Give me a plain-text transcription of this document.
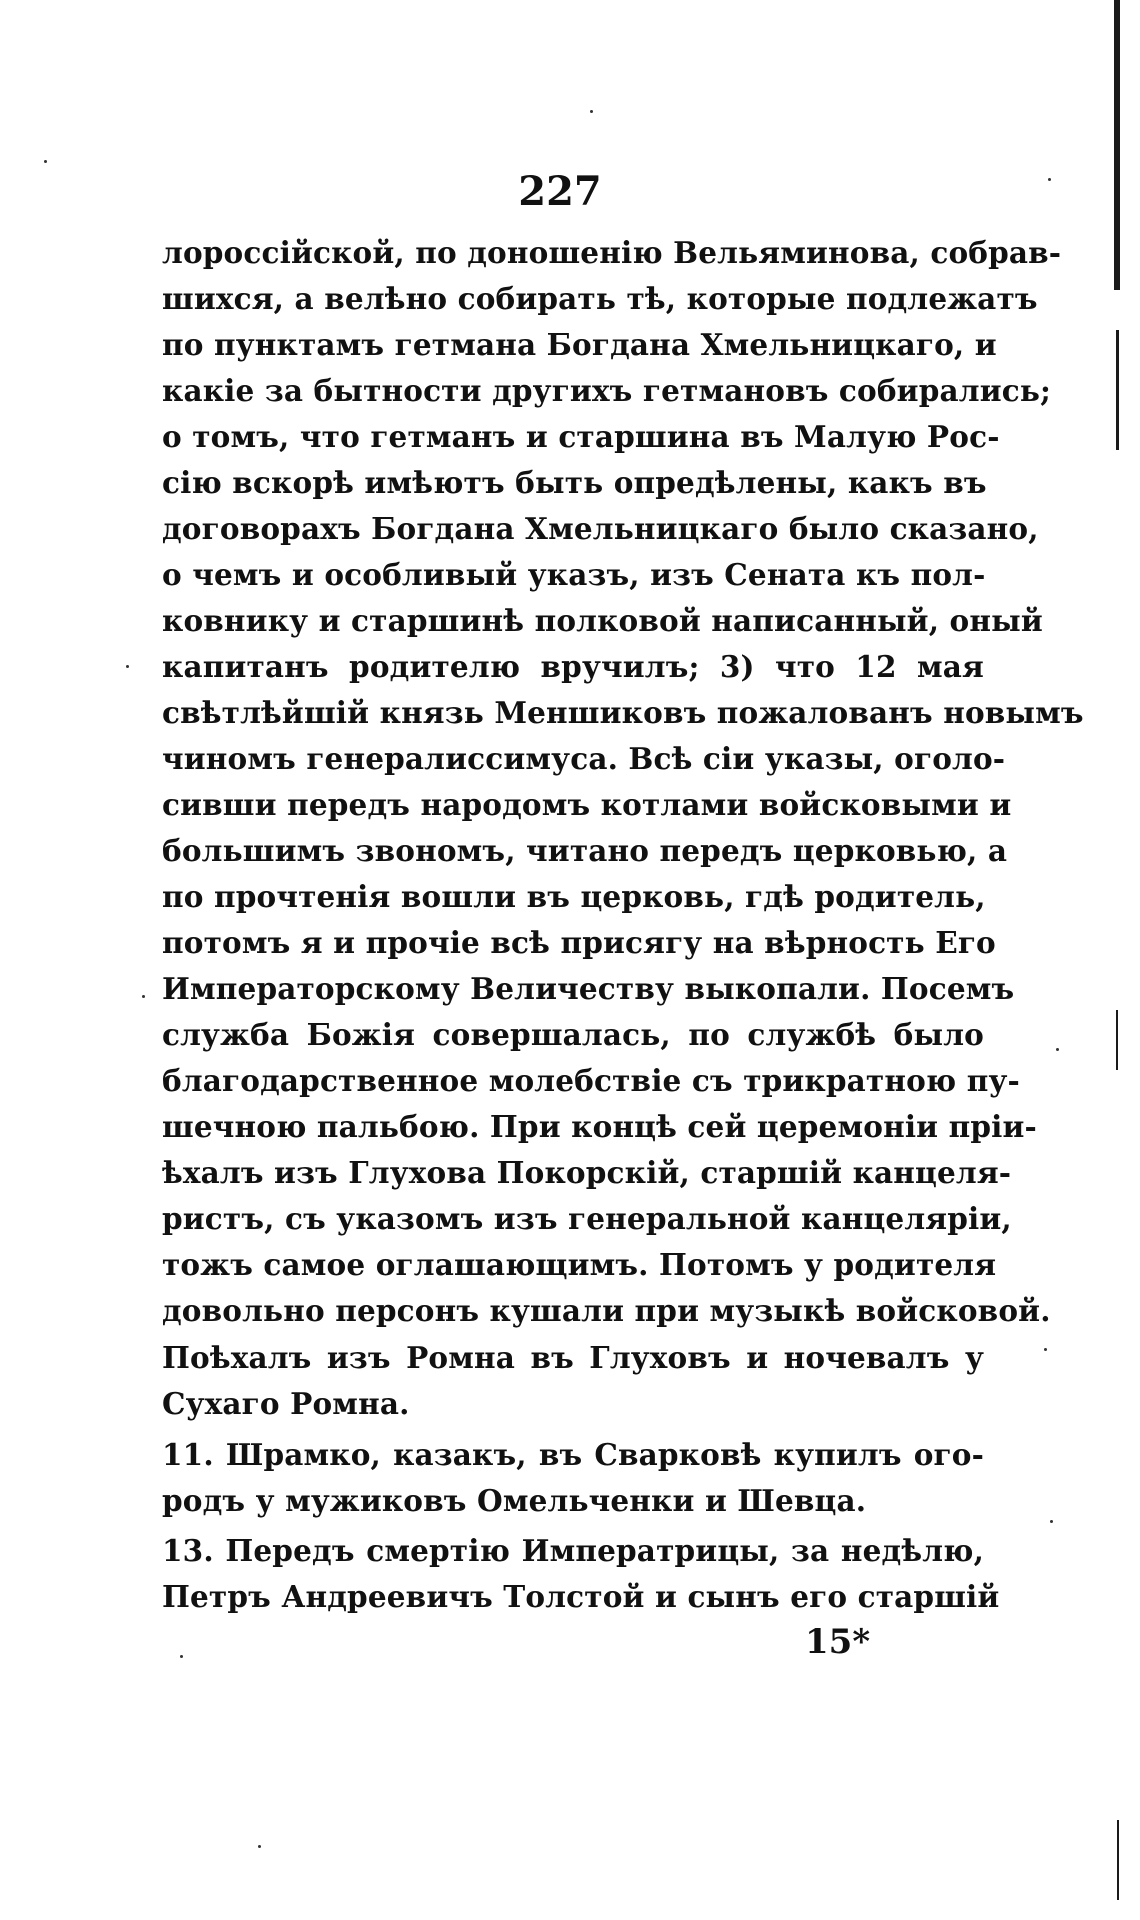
227
лороссійской, по доношенію Вельяминова, собрав-
шихся, а велѣно собирать тѣ, которые подлежатъ
по пунктамъ гетмана Богдана Хмельницкаго, и
какіе за бытности другихъ гетмановъ собирались;
о томъ, что гетманъ и старшина въ Малую Рос-
сію вскорѣ имѣютъ быть опредѣлены, какъ въ
договорахъ Богдана Хмельницкаго было сказано,
о чемъ и особливый указъ, изъ Сената къ пол-
ковнику и старшинѣ полковой написанный, оный
капитанъ родителю вручилъ; 3) что 12 мая
свѣтлѣйшій князь Меншиковъ пожалованъ новымъ
чиномъ генералиссимуса. Всѣ сіи указы, оголо-
сивши передъ народомъ котлами войсковыми и
большимъ звономъ, читано передъ церковью, а
по прочтенія вошли въ церковь, гдѣ родитель,
потомъ я и прочіе всѣ присягу на вѣрность Его
Императорскому Величеству выкопали. Посемъ
служба Божія совершалась, по службѣ было
благодарственное молебствіе съ трикратною пу-
шечною пальбою. При концѣ сей церемоніи пріи-
ѣхалъ изъ Глухова Покорскій, старшій канцеля-
ристъ, съ указомъ изъ генеральной канцеляріи,
тожъ самое оглашающимъ. Потомъ у родителя
довольно персонъ кушали при музыкѣ войсковой.
Поѣхалъ изъ Ромна въ Глуховъ и ночевалъ у
Сухаго Ромна.
11. Шрамко, казакъ, въ Сварковѣ купилъ ого-
родъ у мужиковъ Омельченки и Шевца.
13. Передъ смертію Императрицы, за недѣлю,
Петръ Андреевичъ Толстой и сынъ его старшій
15*
